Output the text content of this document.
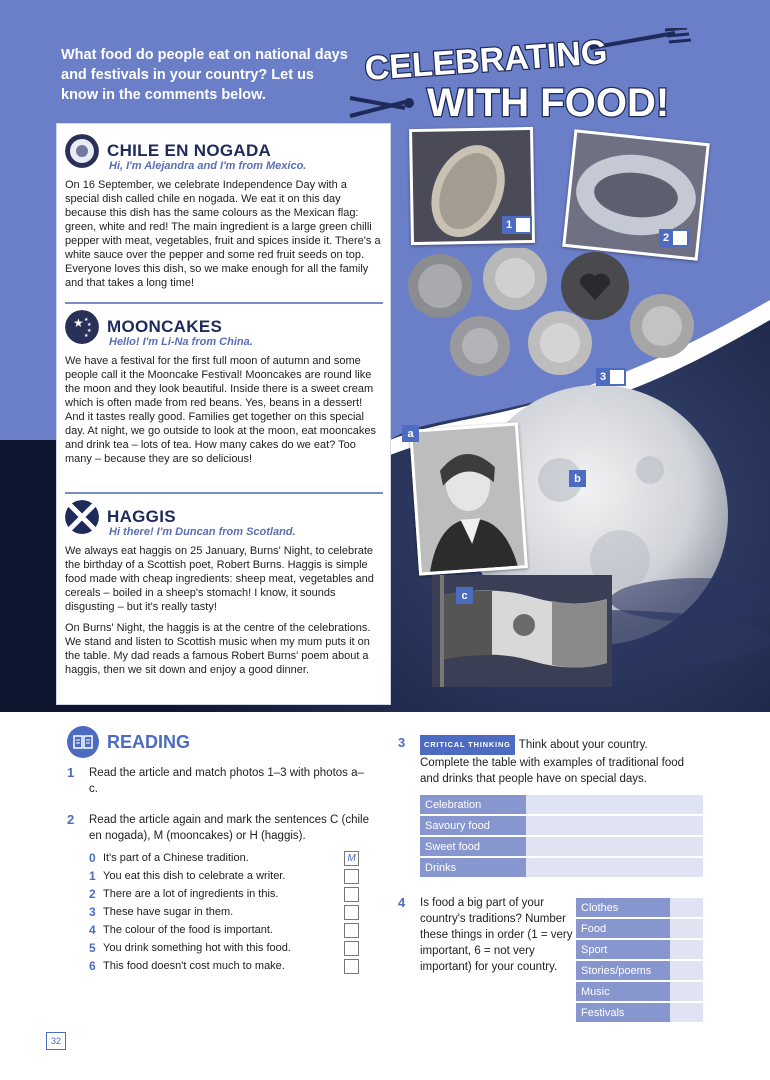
What food do people eat on national days and festivals in your country? Let us know in the comments below.
CELEBRATING
WITH FOOD!
CHILE EN NOGADA
Hi, I'm Alejandra and I'm from Mexico.

On 16 September, we celebrate Independence Day with a special dish called chile en nogada. We eat it on this day because this dish has the same colours as the Mexican flag: green, white and red! The main ingredient is a large green chilli pepper with meat, vegetables, fruit and spices inside it. There's a white sauce over the pepper and some red fruit seeds on top. Everyone loves this dish, so we make enough for all the family and that takes a long time!

★ ★
★
★
★ MOONCAKES
Hello! I'm Li-Na from China.

We have a festival for the first full moon of autumn and some people call it the Mooncake Festival! Mooncakes are round like the moon and they look beautiful. Inside there is a sweet cream which is often made from red beans. Yes, beans in a dessert! And it tastes really good. Families get together on this special day. At night, we go outside to look at the moon, eat mooncakes and drink tea – lots of tea. How many cakes do we eat? Too many – because they are so delicious!

HAGGIS
Hi there! I'm Duncan from Scotland.

We always eat haggis on 25 January, Burns' Night, to celebrate the birthday of a Scottish poet, Robert Burns. Haggis is simple food made with cheap ingredients: sheep meat, vegetables and cereals – boiled in a sheep's stomach! I know, it sounds disgusting – but it's really tasty!

On Burns' Night, the haggis is at the centre of the celebrations. We stand and listen to Scottish music when my mum puts it on the table. My dad reads a famous Robert Burns' poem about a haggis, then we sit down and enjoy a good dinner.

1
2
3
a
b
c
READING
1 Read the article and match photos 1–3 with photos a–c.
2 Read the article again and mark the sentences C (chile en nogada), M (mooncakes) or H (haggis).
0 It's part of a Chinese tradition.	M
1 You eat this dish to celebrate a writer.
2 There are a lot of ingredients in this.
3 These have sugar in them.
4 The colour of the food is important.
5 You drink something hot with this food.
6 This food doesn't cost much to make.
3	CRITICAL THINKING Think about your country. Complete the table with examples of traditional food and drinks that people have on special days.
Celebration	
Savoury food	
Sweet food	
Drinks	
4 Is food a big part of your country's traditions? Number these things in order (1 = very important, 6 = not very important) for your country.
Clothes	
Food	
Sport	
Stories/poems	
Music	
Festivals	
32
